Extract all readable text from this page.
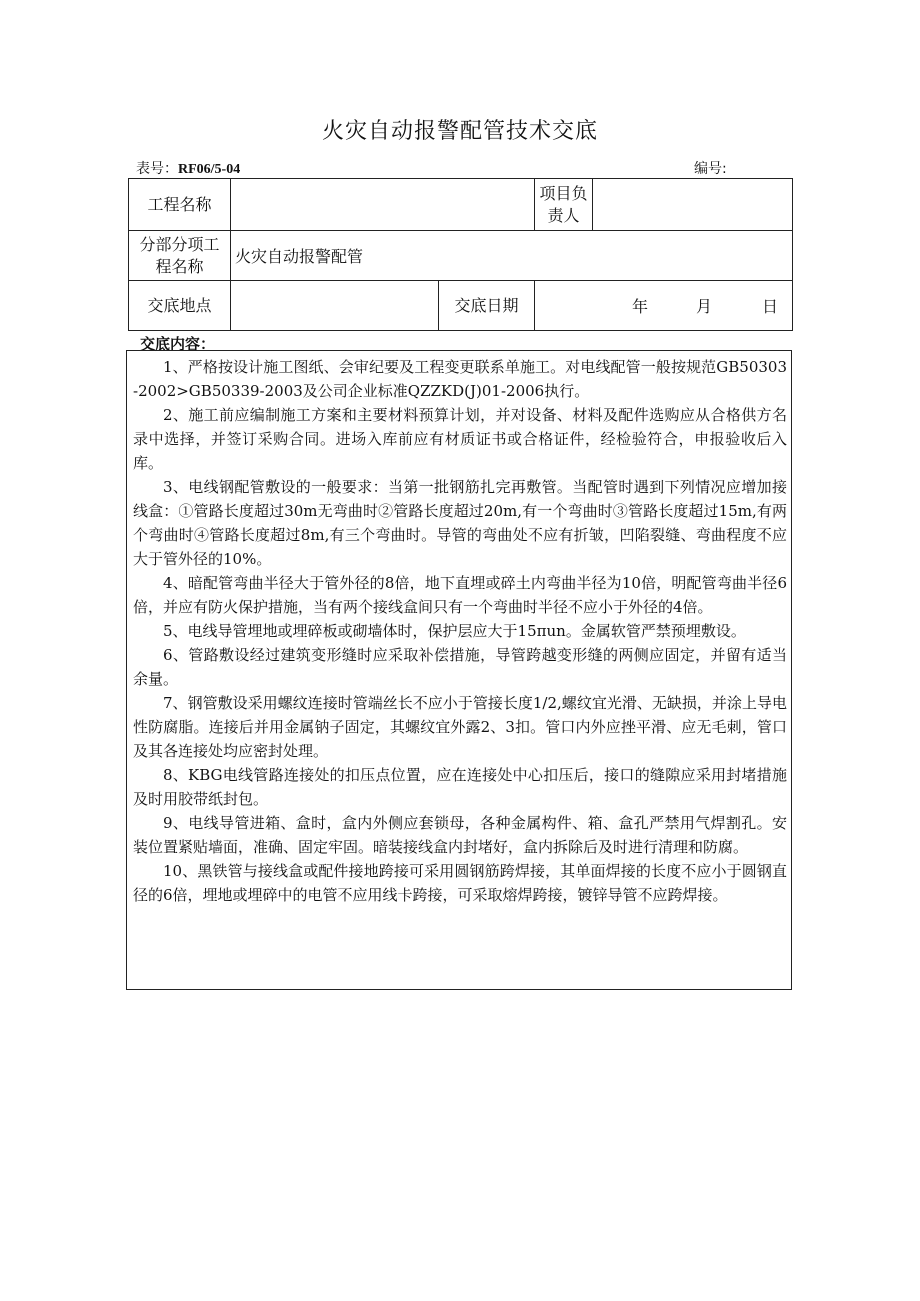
火灾自动报警配管技术交底
表号：RF06/5-04	编号:
工程名称			项目负责人	
分部分项工程名称	火灾自动报警配管			
交底地点		交底日期	年 月 日	
交底内容：

1、严格按设计施工图纸、会审纪要及工程变更联系单施工。对电线配管一般按规范GB50303-2002>GB50339-2003及公司企业标准QZZKD(J)01-2006执行。

2、施工前应编制施工方案和主要材料预算计划，并对设备、材料及配件选购应从合格供方名录中选择，并签订采购合同。进场入库前应有材质证书或合格证件，经检验符合，申报验收后入库。

3、电线钢配管敷设的一般要求：当第一批钢筋扎完再敷管。当配管时遇到下列情况应增加接线盒：①管路长度超过30m无弯曲时②管路长度超过20m,有一个弯曲时③管路长度超过15m,有两个弯曲时④管路长度超过8m,有三个弯曲时。导管的弯曲处不应有折皱，凹陷裂缝、弯曲程度不应大于管外径的10%。

4、暗配管弯曲半径大于管外径的8倍，地下直埋或碎土内弯曲半径为10倍，明配管弯曲半径6倍，并应有防火保护措施，当有两个接线盒间只有一个弯曲时半径不应小于外径的4倍。

5、电线导管埋地或埋碎板或砌墙体时，保护层应大于15πun。金属软管严禁预埋敷设。

6、管路敷设经过建筑变形缝时应采取补偿措施，导管跨越变形缝的两侧应固定，并留有适当余量。

7、钢管敷设采用螺纹连接时管端丝长不应小于管接长度1/2,螺纹宜光滑、无缺损，并涂上导电性防腐脂。连接后并用金属钠子固定，其螺纹宜外露2、3扣。管口内外应挫平滑、应无毛刺，管口及其各连接处均应密封处理。

8、KBG电线管路连接处的扣压点位置，应在连接处中心扣压后，接口的缝隙应采用封堵措施及时用胶带纸封包。

9、电线导管进箱、盒时，盒内外侧应套锁母，各种金属构件、箱、盒孔严禁用气焊割孔。安装位置紧贴墙面，准确、固定牢固。暗装接线盒内封堵好，盒内拆除后及时进行清理和防腐。

10、黑铁管与接线盒或配件接地跨接可采用圆钢筋跨焊接，其单面焊接的长度不应小于圆钢直径的6倍，埋地或埋碎中的电管不应用线卡跨接，可采取熔焊跨接，镀锌导管不应跨焊接。
